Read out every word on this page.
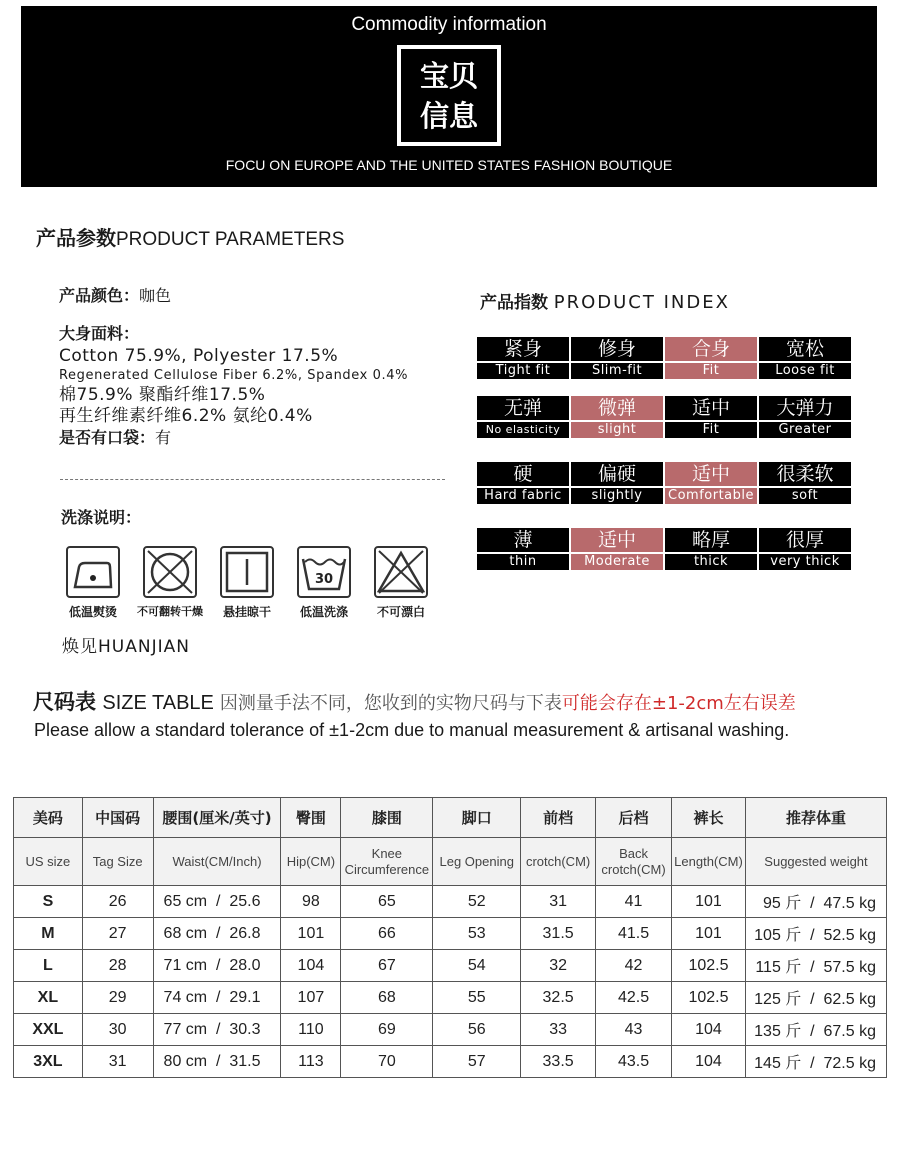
Commodity information
宝贝
信息
FOCU ON EUROPE AND THE UNITED STATES FASHION BOUTIQUE
产品参数PRODUCT PARAMETERS
产品颜色：咖色
大身面料：
Cotton 75.9%, Polyester 17.5%
Regenerated Cellulose Fiber 6.2%, Spandex 0.4%
棉75.9% 聚酯纤维17.5%
再生纤维素纤维6.2% 氨纶0.4%
是否有口袋：有
洗涤说明：
低温熨烫	不可翻转干燥	悬挂晾干
30
低温洗涤	不可漂白
焕见HUANJIAN
产品指数 PRODUCT INDEX
紧身
Tight fit
修身
Slim-fit
合身
Fit
宽松
Loose fit
无弹
No elasticity
微弹
slight
适中
Fit
大弹力
Greater
硬
Hard fabric
偏硬
slightly
适中
Comfortable
很柔软
soft
薄
thin
适中
Moderate
略厚
thick
很厚
very thick
尺码表 SIZE TABLE 因测量手法不同，您收到的实物尺码与下表可能会存在±1-2cm左右误差
Please allow a standard tolerance of ±1-2cm due to manual measurement & artisanal washing.
美码	中国码	腰围(厘米/英寸)	臀围	膝围	脚口	前档	后档	裤长	推荐体重
US size	Tag Size	Waist(CM/Inch)	Hip(CM)	Knee Circumference	Leg Opening	crotch(CM)	Back crotch(CM)	Length(CM)	Suggested weight
S	26	65 cm  /  25.6	98	65	52	31	41	101	95 斤  /  47.5 kg
M	27	68 cm  /  26.8	101	66	53	31.5	41.5	101	105 斤  /  52.5 kg
L	28	71 cm  /  28.0	104	67	54	32	42	102.5	115 斤  /  57.5 kg
XL	29	74 cm  /  29.1	107	68	55	32.5	42.5	102.5	125 斤  /  62.5 kg
XXL	30	77 cm  /  30.3	110	69	56	33	43	104	135 斤  /  67.5 kg
3XL	31	80 cm  /  31.5	113	70	57	33.5	43.5	104	145 斤  /  72.5 kg
